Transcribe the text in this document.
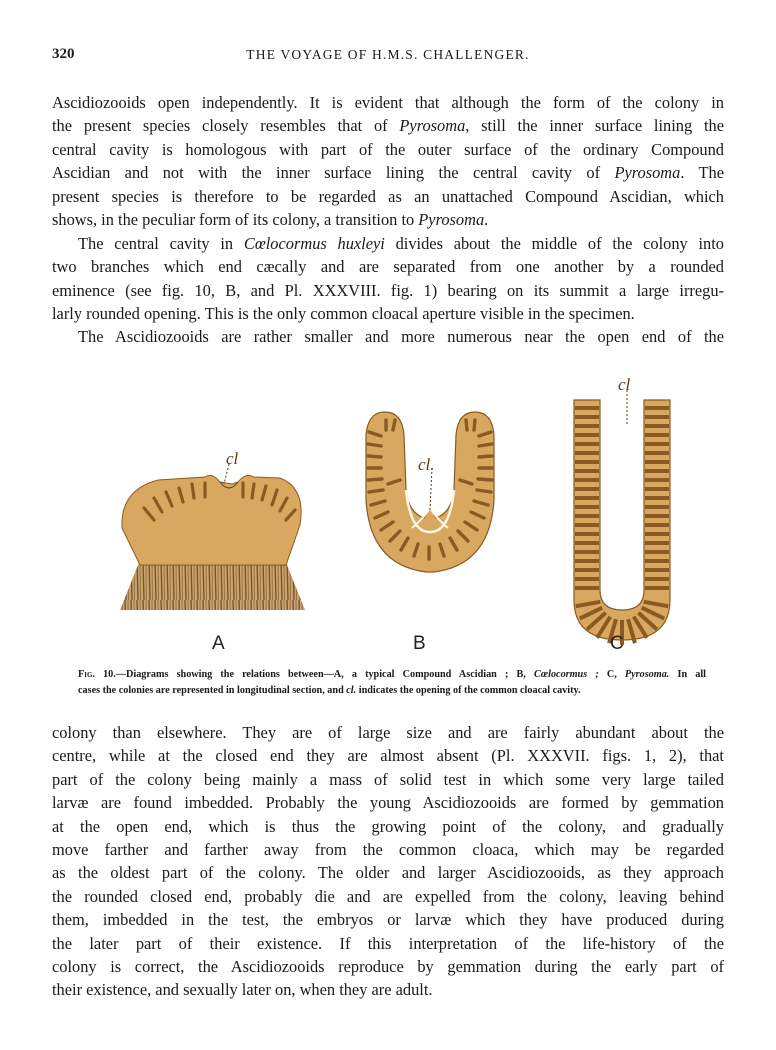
320	THE VOYAGE OF H.M.S. CHALLENGER.
Ascidiozooids open independently. It is evident that although the form of the colony in
the present species closely resembles that of Pyrosoma, still the inner surface lining the
central cavity is homologous with part of the outer surface of the ordinary Compound
Ascidian and not with the inner surface lining the central cavity of Pyrosoma. The
present species is therefore to be regarded as an unattached Compound Ascidian, which
shows, in the peculiar form of its colony, a transition to Pyrosoma.
The central cavity in Cœlocormus huxleyi divides about the middle of the colony into
two branches which end cæcally and are separated from one another by a rounded
eminence (see fig. 10, B, and Pl. XXXVIII. fig. 1) bearing on its summit a large irregu-
larly rounded opening. This is the only common cloacal aperture visible in the specimen.
The Ascidiozooids are rather smaller and more numerous near the open end of the
cl	cl.
cl
A	B	C
Fig. 10.—Diagrams showing the relations between—A, a typical Compound Ascidian ; B, Cœlocormus ; C, Pyrosoma. In all
cases the colonies are represented in longitudinal section, and cl. indicates the opening of the common cloacal cavity.
colony than elsewhere. They are of large size and are fairly abundant about the
centre, while at the closed end they are almost absent (Pl. XXXVII. figs. 1, 2), that
part of the colony being mainly a mass of solid test in which some very large tailed
larvæ are found imbedded. Probably the young Ascidiozooids are formed by gemmation
at the open end, which is thus the growing point of the colony, and gradually
move farther and farther away from the common cloaca, which may be regarded
as the oldest part of the colony. The older and larger Ascidiozooids, as they approach
the rounded closed end, probably die and are expelled from the colony, leaving behind
them, imbedded in the test, the embryos or larvæ which they have produced during
the later part of their existence. If this interpretation of the life-history of the
colony is correct, the Ascidiozooids reproduce by gemmation during the early part of
their existence, and sexually later on, when they are adult.
